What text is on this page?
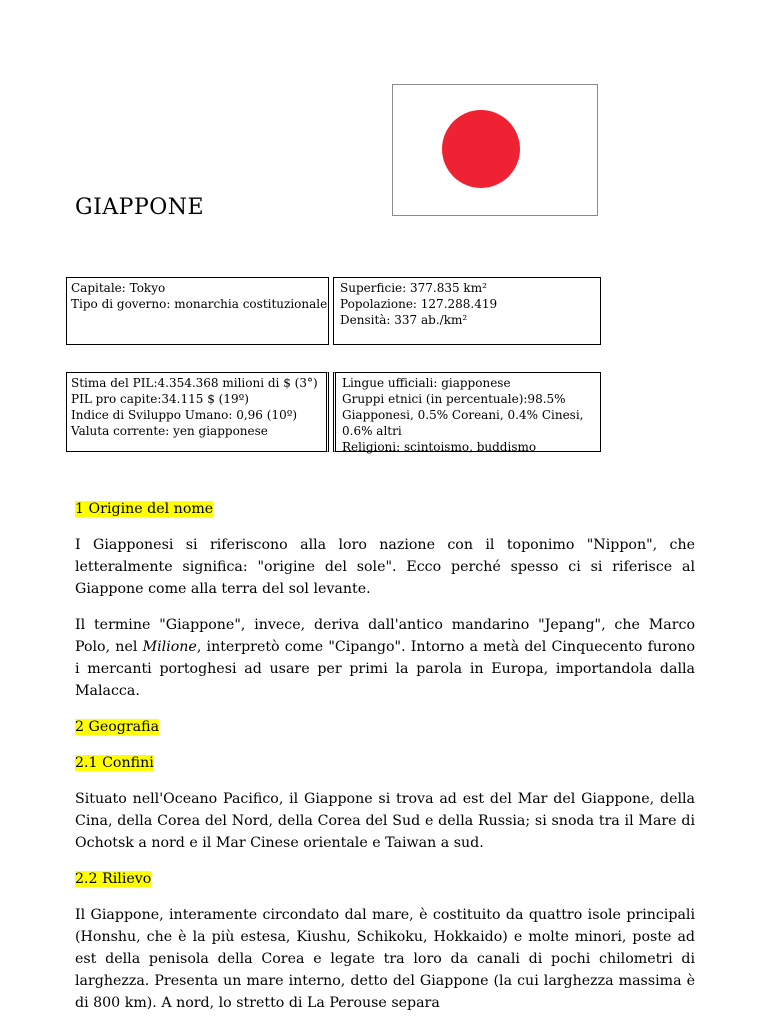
GIAPPONE
Capitale: Tokyo
Tipo di governo: monarchia costituzionale
Superficie: 377.835 km²
Popolazione: 127.288.419
Densità: 337 ab./km²
Stima del PIL:4.354.368 milioni di $ (3°)
PIL pro capite:34.115 $ (19º)
Indice di Sviluppo Umano: 0,96 (10º)
Valuta corrente: yen giapponese
Lingue ufficiali: giapponese
Gruppi etnici (in percentuale):98.5% Giapponesi, 0.5% Coreani, 0.4% Cinesi, 0.6% altri
Religioni: scintoismo, buddismo

1 Origine del nome

I Giapponesi si riferiscono alla loro nazione con il toponimo "Nippon", che letteralmente significa: "origine del sole". Ecco perché spesso ci si riferisce al Giappone come alla terra del sol levante.

Il termine "Giappone", invece, deriva dall'antico mandarino "Jepang", che Marco Polo, nel Milione, interpretò come "Cipango". Intorno a metà del Cinquecento furono i mercanti portoghesi ad usare per primi la parola in Europa, importandola dalla Malacca.

2 Geografia

2.1 Confini

Situato nell'Oceano Pacifico, il Giappone si trova ad est del Mar del Giappone, della Cina, della Corea del Nord, della Corea del Sud e della Russia; si snoda tra il Mare di Ochotsk a nord e il Mar Cinese orientale e Taiwan a sud.

2.2 Rilievo

Il Giappone, interamente circondato dal mare, è costituito da quattro isole principali (Honshu, che è la più estesa, Kiushu, Schikoku, Hokkaido) e molte minori, poste ad est della penisola della Corea e legate tra loro da canali di pochi chilometri di larghezza. Presenta un mare interno, detto del Giappone (la cui larghezza massima è di 800 km). A nord, lo stretto di La Perouse separa
